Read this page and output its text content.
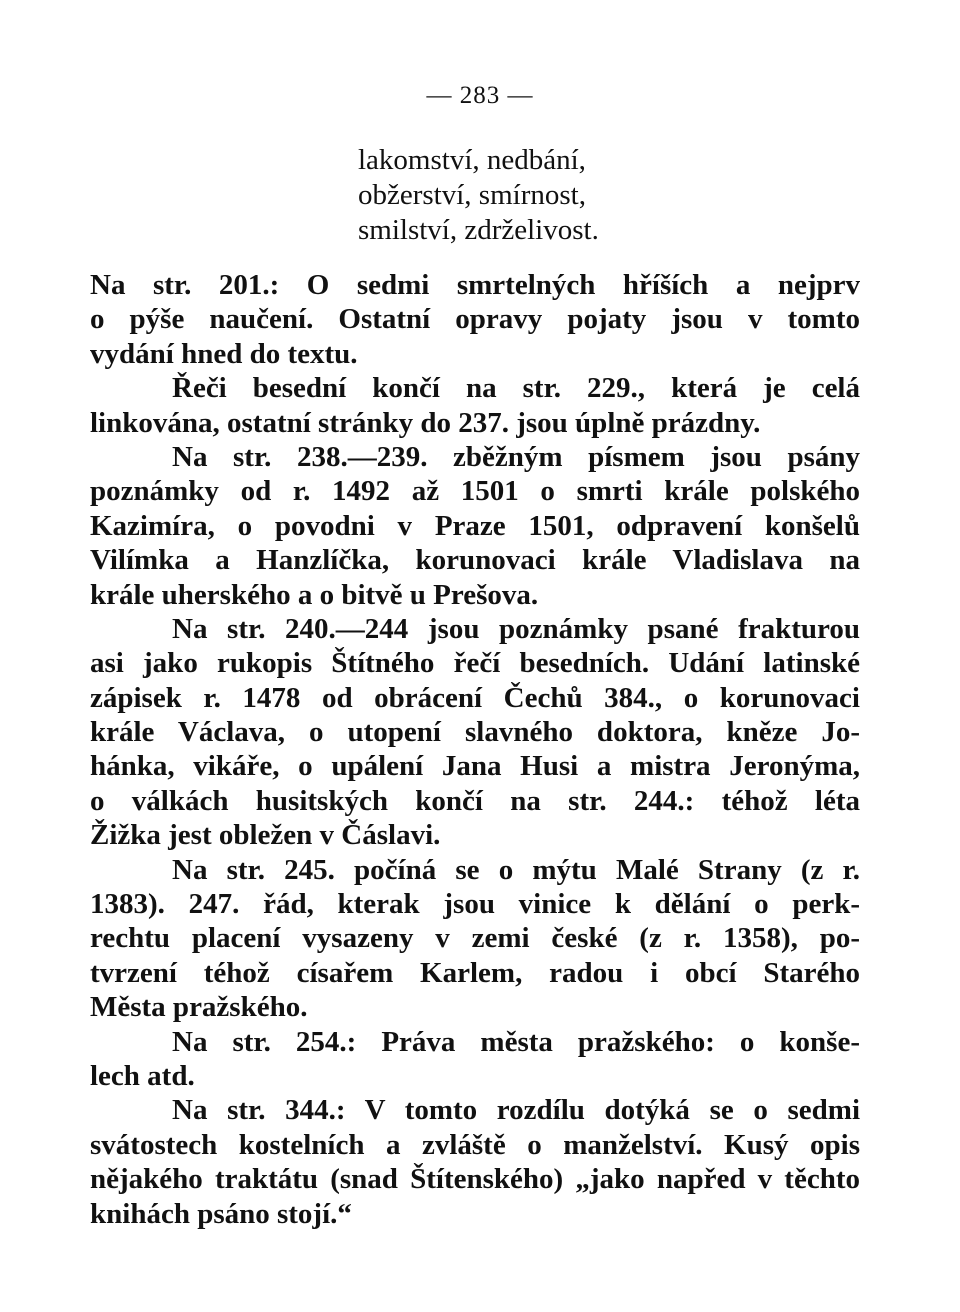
— 283 —
lakomství, nedbání,
obžerství, smírnost,
smilství, zdrželivost.
Na str. 201.: O sedmi smrtelných hříších a nejprv
o pýše naučení. Ostatní opravy pojaty jsou v tomto
vydání hned do textu.
Řeči besední končí na str. 229., která je celá
linkována, ostatní stránky do 237. jsou úplně prázdny.
Na str. 238.—239. zběžným písmem jsou psány
poznámky od r. 1492 až 1501 o smrti krále polského
Kazimíra, o povodni v Praze 1501, odpravení konšelů
Vilímka a Hanzlíčka, korunovaci krále Vladislava na
krále uherského a o bitvě u Prešova.
Na str. 240.—244 jsou poznámky psané frakturou
asi jako rukopis Štítného řečí besedních. Udání latinské
zápisek r. 1478 od obrácení Čechů 384., o korunovaci
krále Václava, o utopení slavného doktora, kněze Jo-
hánka, vikáře, o upálení Jana Husi a mistra Jeronýma,
o válkách husitských končí na str. 244.: téhož léta
Žižka jest obležen v Čáslavi.
Na str. 245. počíná se o mýtu Malé Strany (z r.
1383). 247. řád, kterak jsou vinice k dělání o perk-
rechtu placení vysazeny v zemi české (z r. 1358), po-
tvrzení téhož císařem Karlem, radou i obcí Starého
Města pražského.
Na str. 254.: Práva města pražského: o konše-
lech atd.
Na str. 344.: V tomto rozdílu dotýká se o sedmi
svátostech kostelních a zvláště o manželství. Kusý opis
nějakého traktátu (snad Štítenského) „jako napřed v těchto
knihách psáno stojí.“
